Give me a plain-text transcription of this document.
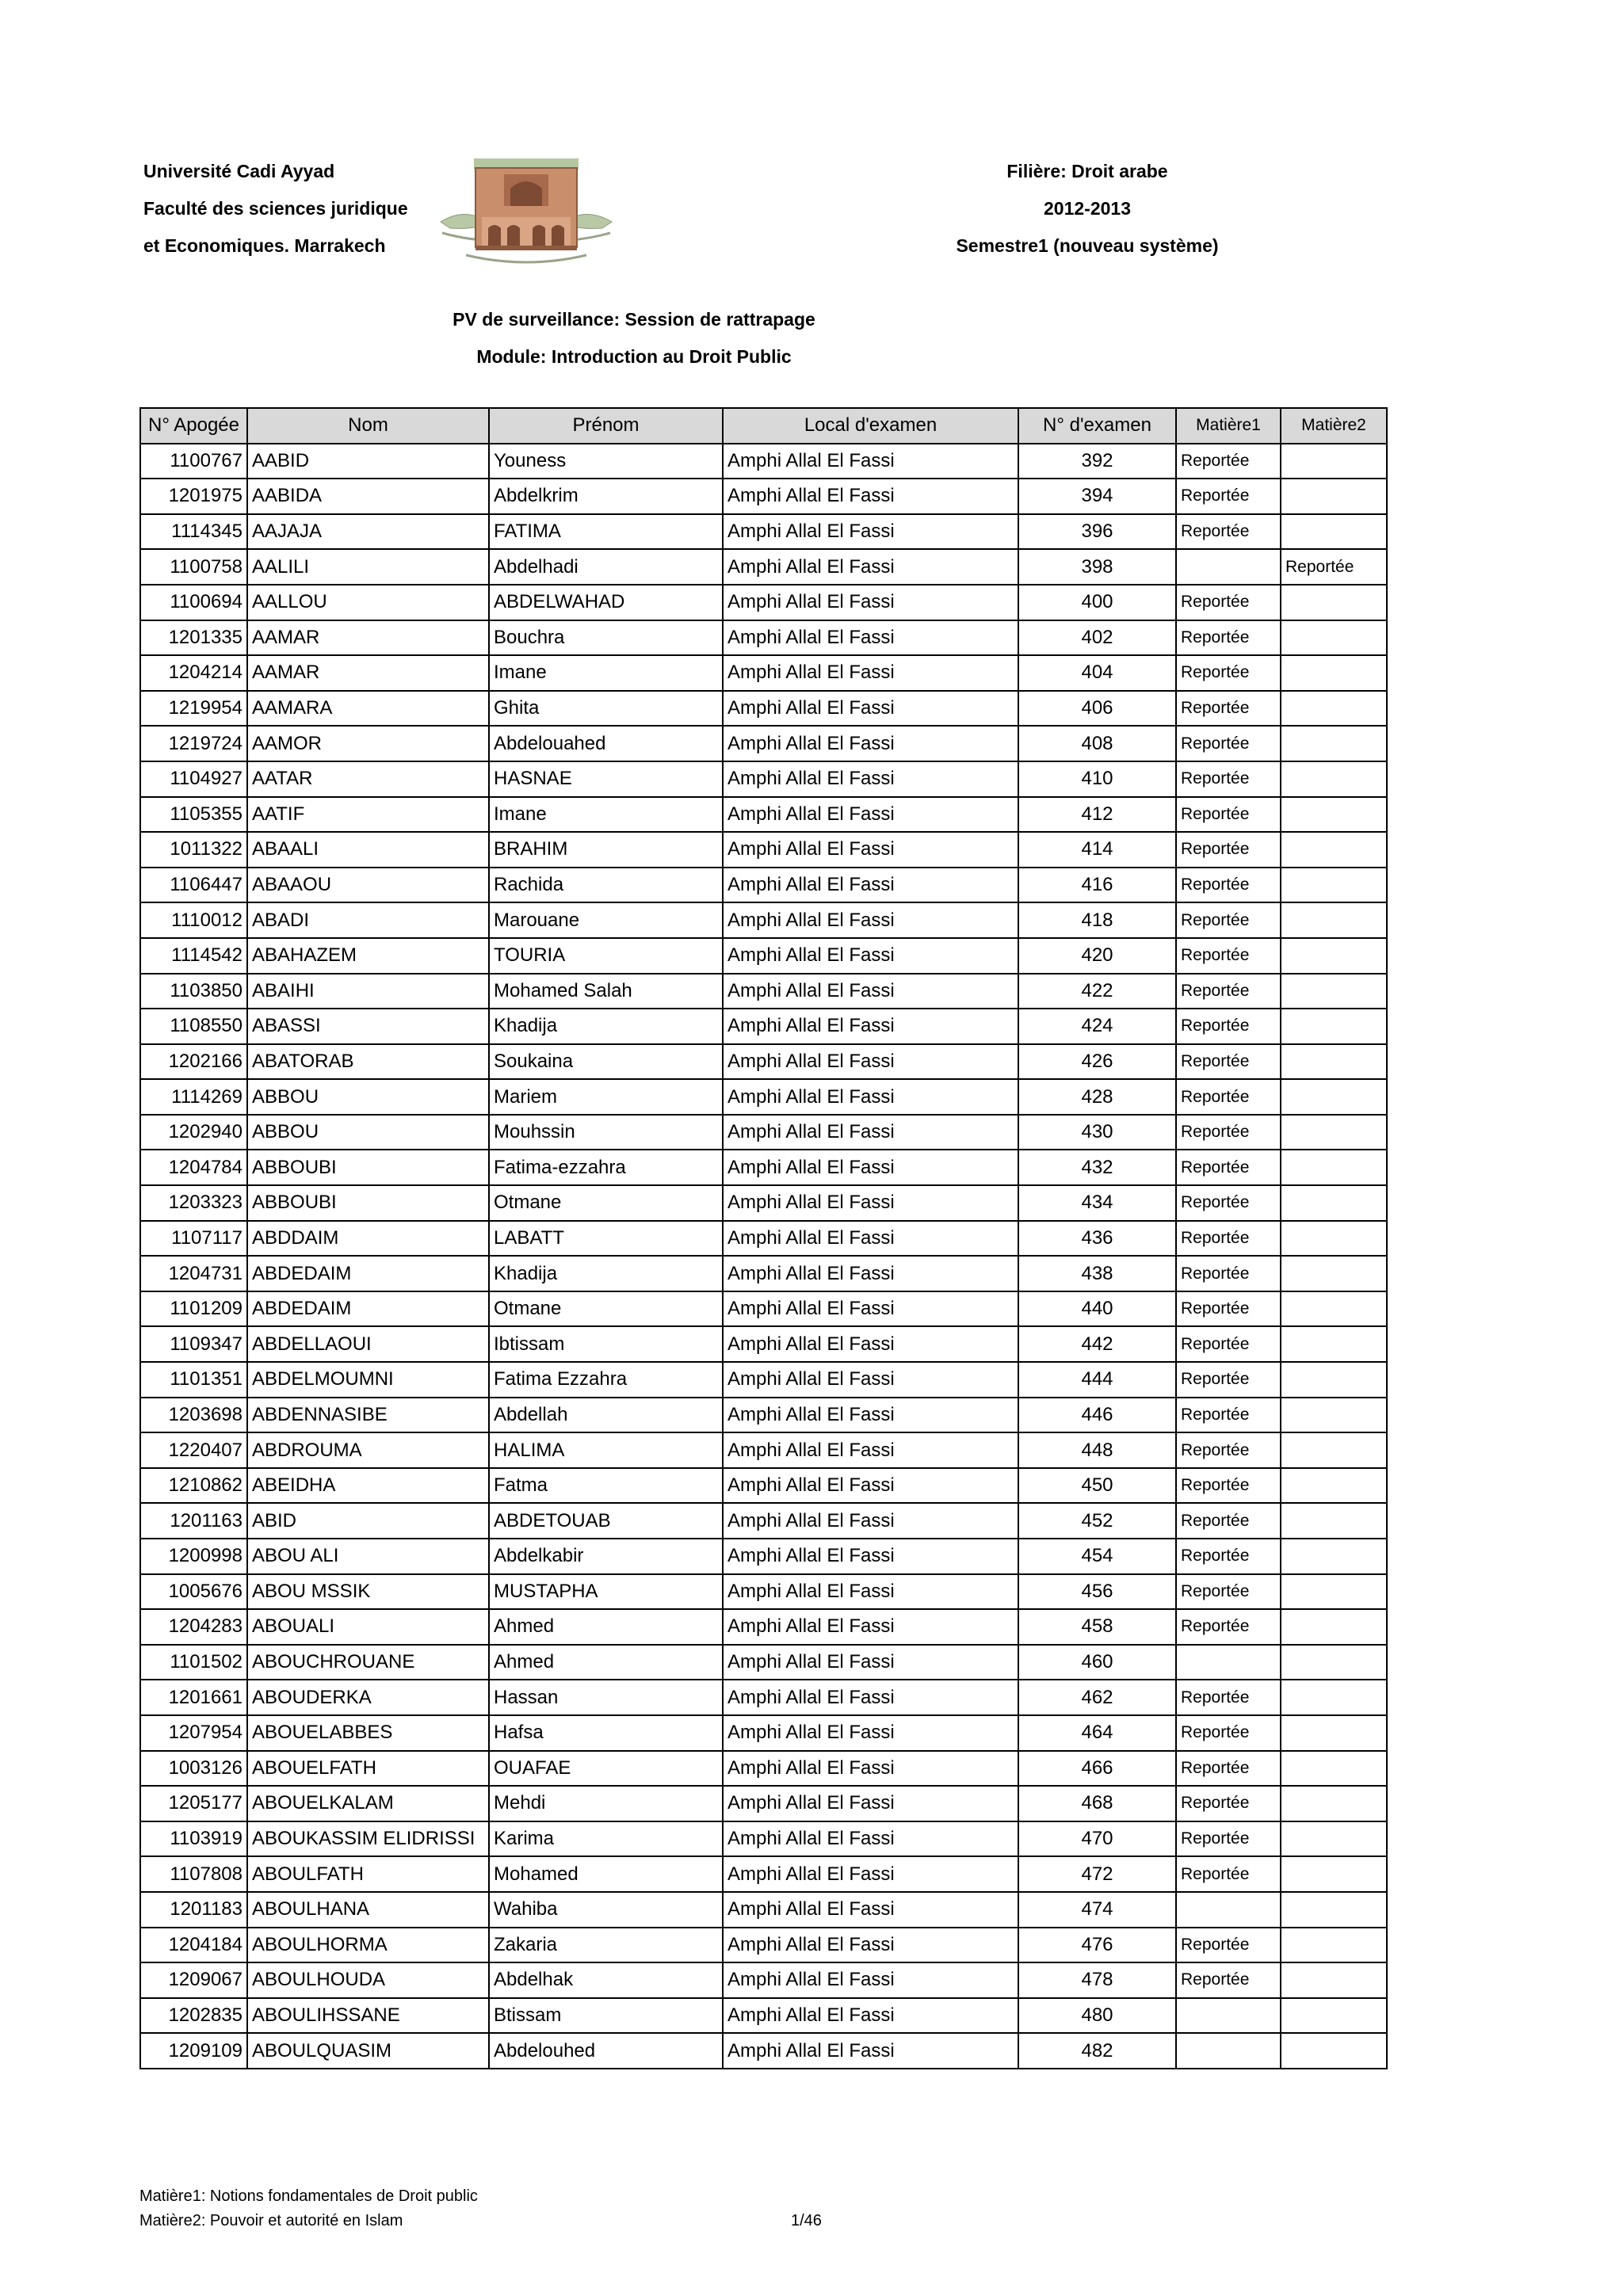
Université Cadi Ayyad
Faculté des sciences juridique
et Economiques. Marrakech
Filière: Droit arabe
2012-2013
Semestre1 (nouveau système)
PV de surveillance: Session de rattrapage
Module: Introduction au Droit Public
N° Apogée	Nom	Prénom	Local d'examen	N° d'examen	Matière1	Matière2
1100767	AABID	Youness	Amphi Allal El Fassi	392	Reportée	
1201975	AABIDA	Abdelkrim	Amphi Allal El Fassi	394	Reportée	
1114345	AAJAJA	FATIMA	Amphi Allal El Fassi	396	Reportée	
1100758	AALILI	Abdelhadi	Amphi Allal El Fassi	398		Reportée
1100694	AALLOU	ABDELWAHAD	Amphi Allal El Fassi	400	Reportée	
1201335	AAMAR	Bouchra	Amphi Allal El Fassi	402	Reportée	
1204214	AAMAR	Imane	Amphi Allal El Fassi	404	Reportée	
1219954	AAMARA	Ghita	Amphi Allal El Fassi	406	Reportée	
1219724	AAMOR	Abdelouahed	Amphi Allal El Fassi	408	Reportée	
1104927	AATAR	HASNAE	Amphi Allal El Fassi	410	Reportée	
1105355	AATIF	Imane	Amphi Allal El Fassi	412	Reportée	
1011322	ABAALI	BRAHIM	Amphi Allal El Fassi	414	Reportée	
1106447	ABAAOU	Rachida	Amphi Allal El Fassi	416	Reportée	
1110012	ABADI	Marouane	Amphi Allal El Fassi	418	Reportée	
1114542	ABAHAZEM	TOURIA	Amphi Allal El Fassi	420	Reportée	
1103850	ABAIHI	Mohamed Salah	Amphi Allal El Fassi	422	Reportée	
1108550	ABASSI	Khadija	Amphi Allal El Fassi	424	Reportée	
1202166	ABATORAB	Soukaina	Amphi Allal El Fassi	426	Reportée	
1114269	ABBOU	Mariem	Amphi Allal El Fassi	428	Reportée	
1202940	ABBOU	Mouhssin	Amphi Allal El Fassi	430	Reportée	
1204784	ABBOUBI	Fatima-ezzahra	Amphi Allal El Fassi	432	Reportée	
1203323	ABBOUBI	Otmane	Amphi Allal El Fassi	434	Reportée	
1107117	ABDDAIM	LABATT	Amphi Allal El Fassi	436	Reportée	
1204731	ABDEDAIM	Khadija	Amphi Allal El Fassi	438	Reportée	
1101209	ABDEDAIM	Otmane	Amphi Allal El Fassi	440	Reportée	
1109347	ABDELLAOUI	Ibtissam	Amphi Allal El Fassi	442	Reportée	
1101351	ABDELMOUMNI	Fatima Ezzahra	Amphi Allal El Fassi	444	Reportée	
1203698	ABDENNASIBE	Abdellah	Amphi Allal El Fassi	446	Reportée	
1220407	ABDROUMA	HALIMA	Amphi Allal El Fassi	448	Reportée	
1210862	ABEIDHA	Fatma	Amphi Allal El Fassi	450	Reportée	
1201163	ABID	ABDETOUAB	Amphi Allal El Fassi	452	Reportée	
1200998	ABOU ALI	Abdelkabir	Amphi Allal El Fassi	454	Reportée	
1005676	ABOU MSSIK	MUSTAPHA	Amphi Allal El Fassi	456	Reportée	
1204283	ABOUALI	Ahmed	Amphi Allal El Fassi	458	Reportée	
1101502	ABOUCHROUANE	Ahmed	Amphi Allal El Fassi	460		
1201661	ABOUDERKA	Hassan	Amphi Allal El Fassi	462	Reportée	
1207954	ABOUELABBES	Hafsa	Amphi Allal El Fassi	464	Reportée	
1003126	ABOUELFATH	OUAFAE	Amphi Allal El Fassi	466	Reportée	
1205177	ABOUELKALAM	Mehdi	Amphi Allal El Fassi	468	Reportée	
1103919	ABOUKASSIM ELIDRISSI	Karima	Amphi Allal El Fassi	470	Reportée	
1107808	ABOULFATH	Mohamed	Amphi Allal El Fassi	472	Reportée	
1201183	ABOULHANA	Wahiba	Amphi Allal El Fassi	474		
1204184	ABOULHORMA	Zakaria	Amphi Allal El Fassi	476	Reportée	
1209067	ABOULHOUDA	Abdelhak	Amphi Allal El Fassi	478	Reportée	
1202835	ABOULIHSSANE	Btissam	Amphi Allal El Fassi	480		
1209109	ABOULQUASIM	Abdelouhed	Amphi Allal El Fassi	482		
Matière1: Notions fondamentales de Droit public
Matière2: Pouvoir et autorité en Islam	1/46
